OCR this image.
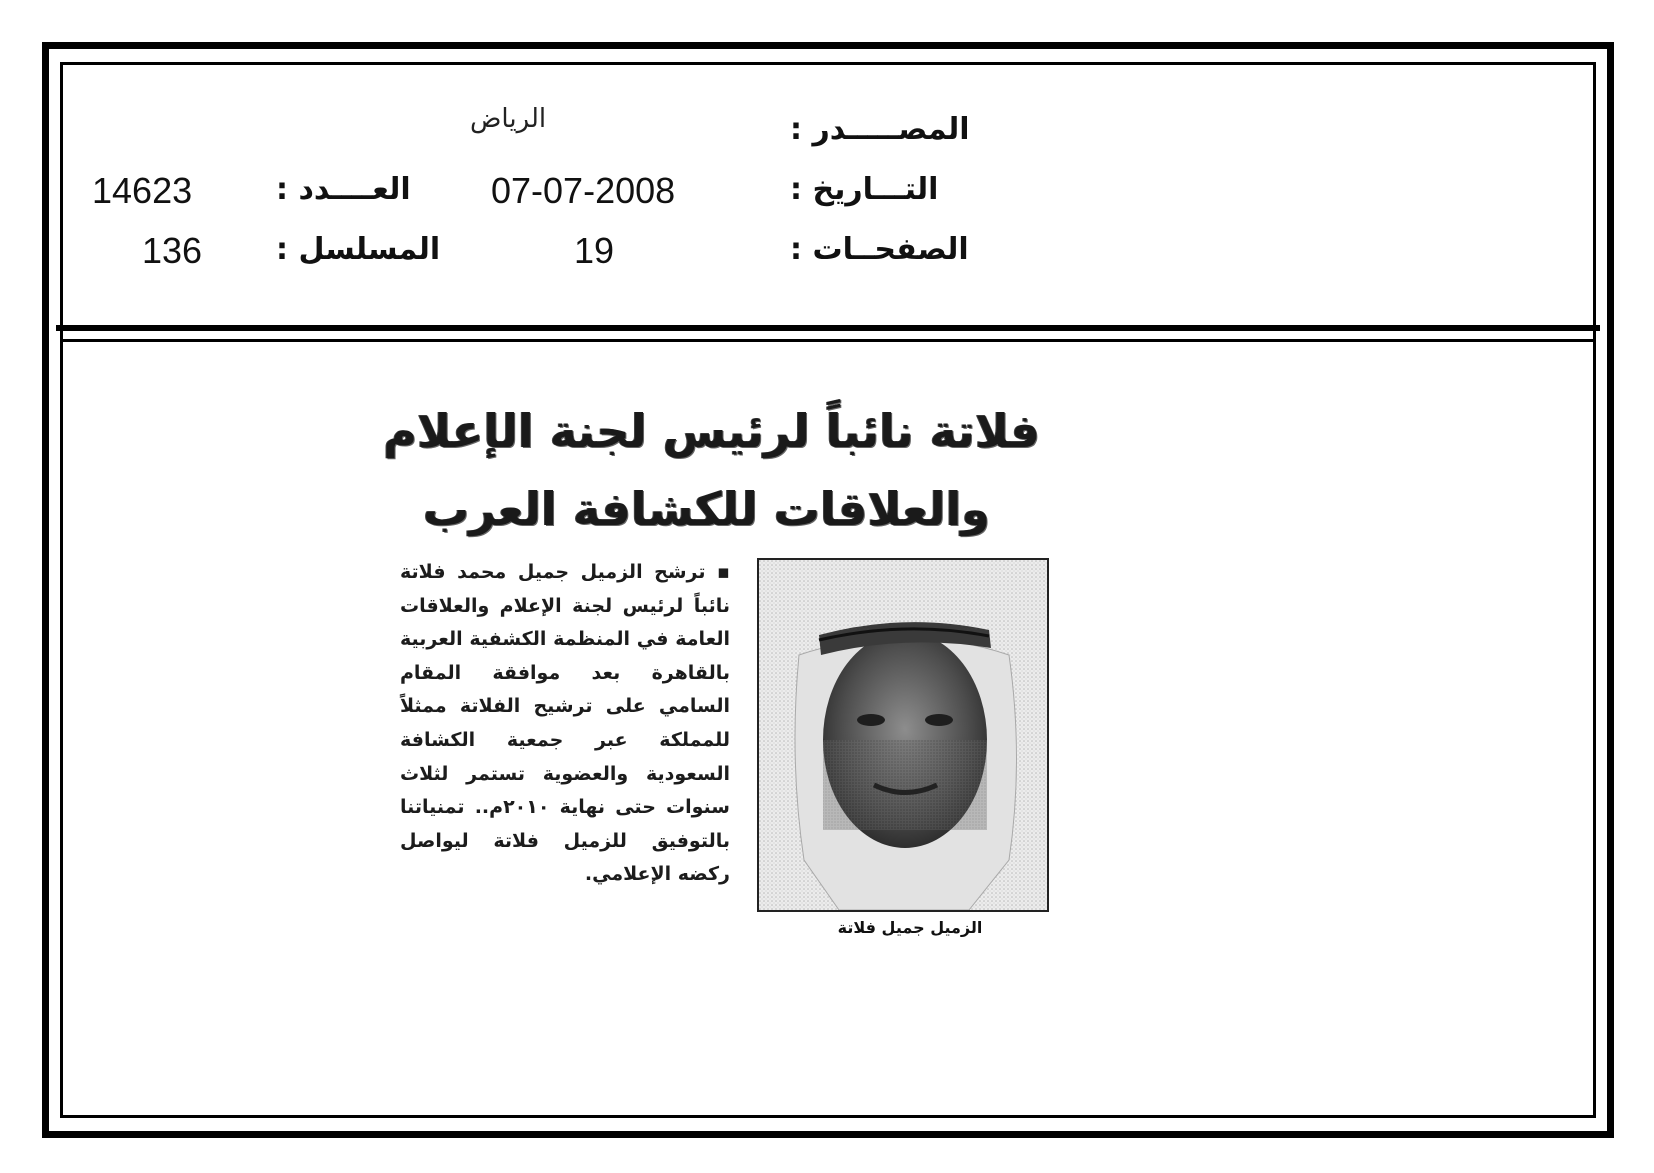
المصـــــدر :
الرياض
التـــاريخ :
07-07-2008
العــــدد :
14623
الصفحــات :
19
المسلسل :
136
فلاتة نائباً لرئيس لجنة الإعلام
والعلاقات للكشافة العرب
▪ ترشح الزميل جميل محمد فلاتة نائباً لرئيس لجنة الإعلام والعلاقات العامة في المنظمة الكشفية العربية بالقاهرة بعد موافقة المقام السامي على ترشيح الفلاتة ممثلاً للمملكة عبر جمعية الكشافة السعودية والعضوية تستمر لثلاث سنوات حتى نهاية ٢٠١٠م.. تمنياتنا بالتوفيق للزميل فلاتة ليواصل ركضه الإعلامي.
الزميل جميل فلاتة
